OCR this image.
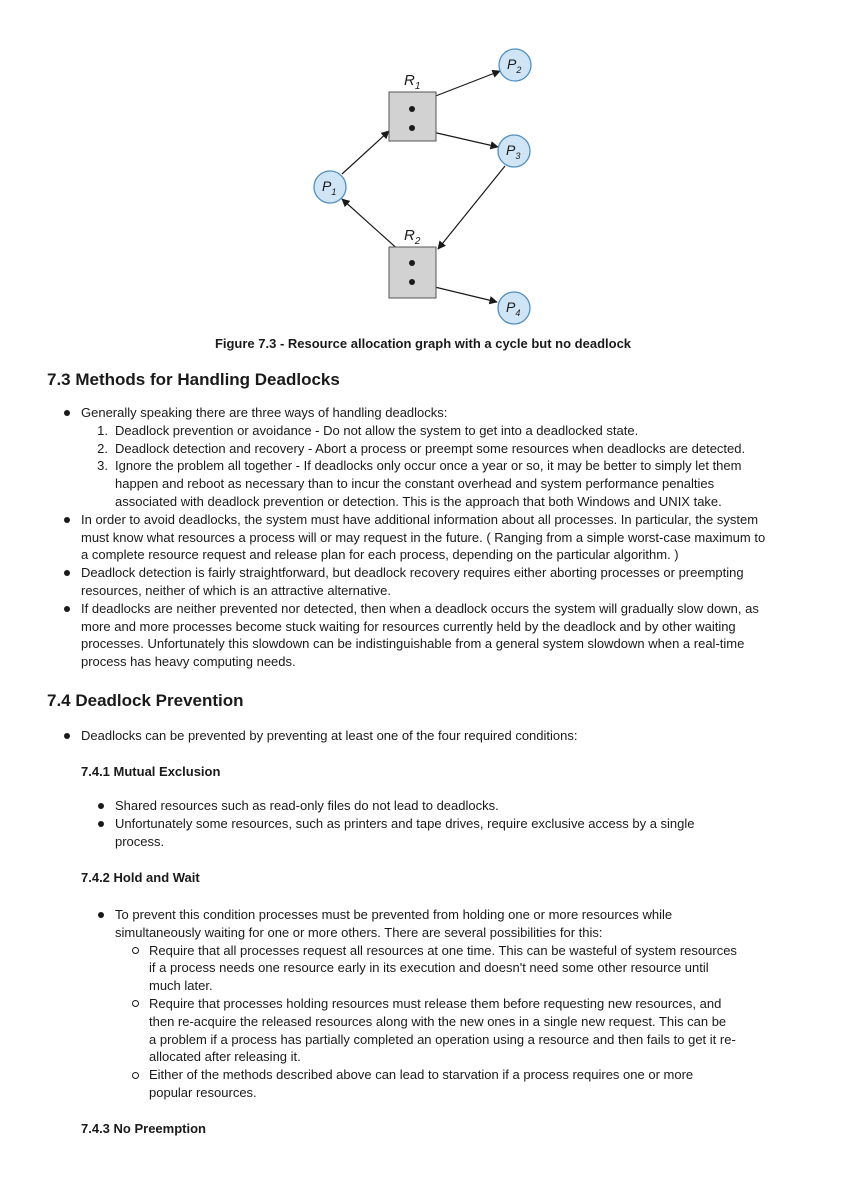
$R_1$
$R_2$
$P_1$
$P_2$
$P_3$
$P_4$

Figure 7.3 - Resource allocation graph with a cycle but no deadlock

7.3 Methods for Handling Deadlocks
Generally speaking there are three ways of handling deadlocks:
1. Deadlock prevention or avoidance - Do not allow the system to get into a deadlocked state.
2. Deadlock detection and recovery - Abort a process or preempt some resources when deadlocks are detected.
3. Ignore the problem all together - If deadlocks only occur once a year or so, it may be better to simply let them
happen and reboot as necessary than to incur the constant overhead and system performance penalties
associated with deadlock prevention or detection. This is the approach that both Windows and UNIX take.
In order to avoid deadlocks, the system must have additional information about all processes. In particular, the system
must know what resources a process will or may request in the future. ( Ranging from a simple worst-case maximum to
a complete resource request and release plan for each process, depending on the particular algorithm. )
Deadlock detection is fairly straightforward, but deadlock recovery requires either aborting processes or preempting
resources, neither of which is an attractive alternative.
If deadlocks are neither prevented nor detected, then when a deadlock occurs the system will gradually slow down, as
more and more processes become stuck waiting for resources currently held by the deadlock and by other waiting
processes. Unfortunately this slowdown can be indistinguishable from a general system slowdown when a real-time
process has heavy computing needs.
7.4 Deadlock Prevention
Deadlocks can be prevented by preventing at least one of the four required conditions:
7.4.1 Mutual Exclusion
Shared resources such as read-only files do not lead to deadlocks.
Unfortunately some resources, such as printers and tape drives, require exclusive access by a single
process.
7.4.2 Hold and Wait
To prevent this condition processes must be prevented from holding one or more resources while
simultaneously waiting for one or more others. There are several possibilities for this:
Require that all processes request all resources at one time. This can be wasteful of system resources
if a process needs one resource early in its execution and doesn't need some other resource until
much later.
Require that processes holding resources must release them before requesting new resources, and
then re-acquire the released resources along with the new ones in a single new request. This can be
a problem if a process has partially completed an operation using a resource and then fails to get it re-
allocated after releasing it.
Either of the methods described above can lead to starvation if a process requires one or more
popular resources.
7.4.3 No Preemption
